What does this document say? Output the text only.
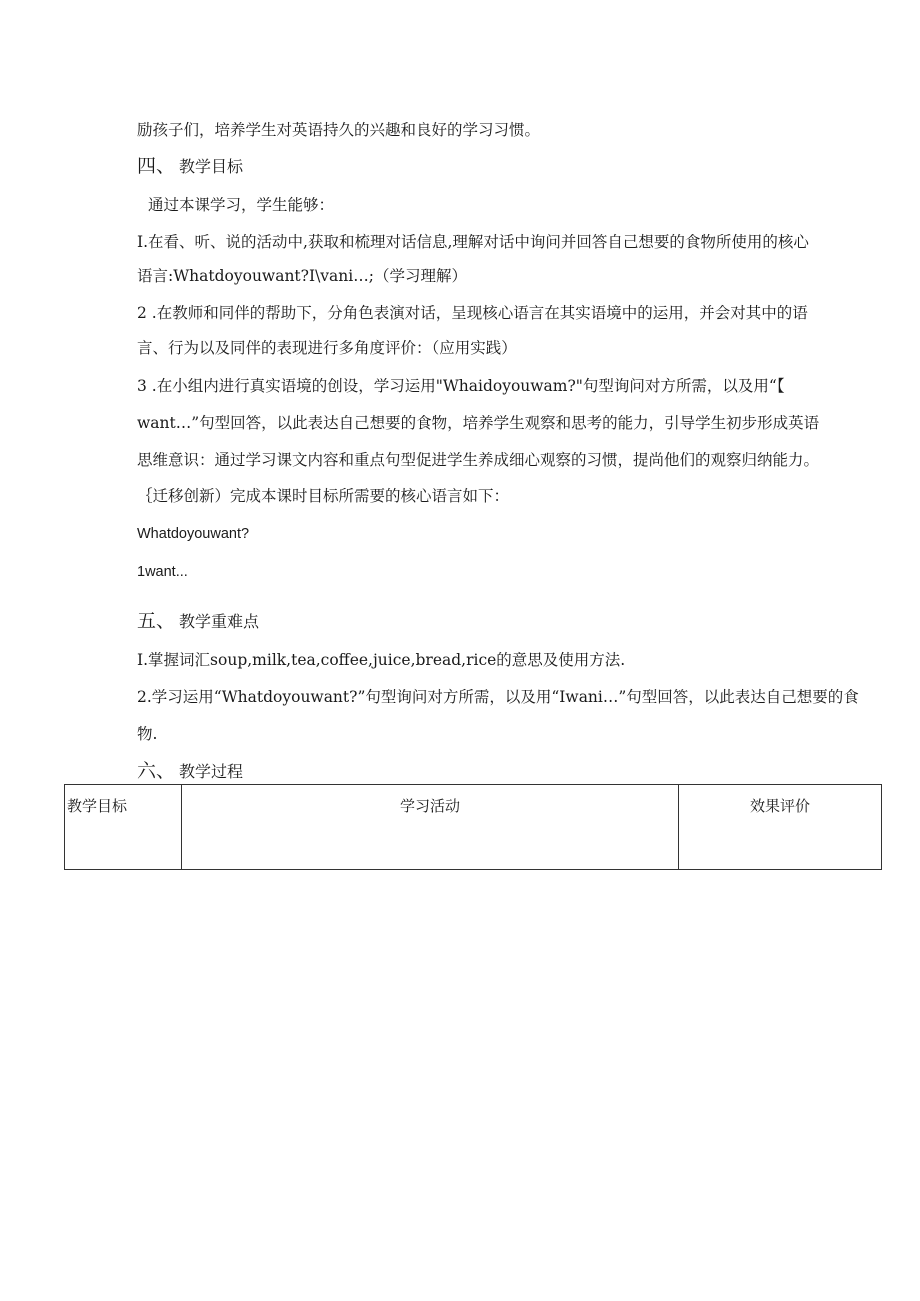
励孩子们，培养学生对英语持久的兴趣和良好的学习习惯。
四、 教学目标
通过本课学习，学生能够：
I.在看、听、说的活动中,获取和梳理对话信息,理解对话中询问并回答自己想要的食物所使用的核心
语言:Whatdoyouwant?I\vani…;（学习理解）
2 .在教师和同伴的帮助下，分角色表演对话，呈现核心语言在其实语境中的运用，并会对其中的语
言、行为以及同伴的表现进行多角度评价：（应用实践）
3 .在小组内进行真实语境的创设，学习运用"Whaidoyouwam?"句型询问对方所需，以及用“【
want…”句型回答，以此表达自己想要的食物，培养学生观察和思考的能力，引导学生初步形成英语
思维意识：通过学习课文内容和重点句型促进学生养成细心观察的习惯，提尚他们的观察归纳能力。
｛迁移创新）完成本课时目标所需要的核心语言如下：
Whatdoyouwant?
1want...
五、 教学重难点
I.掌握词汇soup,milk,tea,coffee,juice,bread,rice的意思及使用方法.
2.学习运用“Whatdoyouwant?”句型询问对方所需，以及用“Iwani…”句型回答，以此表达自己想要的食
物.
六、 教学过程
教学目标	学习活动	效果评价
